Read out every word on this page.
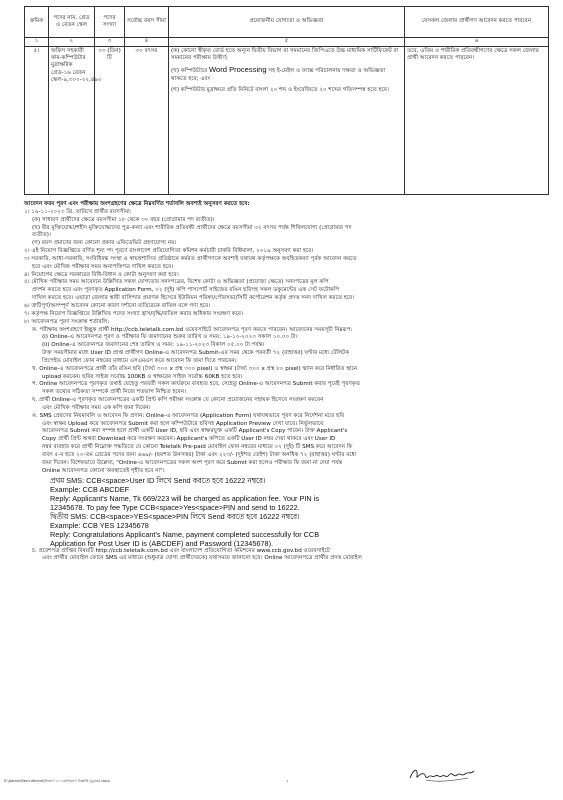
ক্রমিক	পদের নাম, গ্রেড ও বেতন স্কেল	পদের সংখ্যা	সর্বোচ্চ বয়স সীমা	প্রয়োজনীয় যোগ্যতা ও অভিজ্ঞতা	যেসকল জেলার প্রার্থীগণ আবেদন করতে পারবেন
১	২	৩	৪	৫	৬
৫।	অফিস সহকারী কাম-কম্পিউটার মুদ্রাক্ষরিক গ্রেড-১৬ বেতন স্কেল-৯,৩০০-২২,৪৯০	০৩ (তিন) টি	৩০ বৎসর	(ক) কোনো স্বীকৃত বোর্ড হতে অন্যূন দ্বিতীয় বিভাগ বা সমমানের জিপিএতে উচ্চ মাধ্যমিক সার্টিফিকেট বা সমমানের পরীক্ষায় উত্তীর্ণ;

(খ) কম্পিউটারে Word Processing সহ ই-মেইল ও ফ্যাক্স পরিচালনায় দক্ষতা ও অভিজ্ঞতা থাকতে হবে; এবং

(গ) কম্পিউটার মুদ্রাক্ষরে প্রতি মিনিটে বাংলা ২০ শব্দ ও ইংরেজিতে ২০ শব্দের গতিসম্পন্ন হতে হবে।	তবে, এতিম ও শারীরিক প্রতিবন্ধীগণের ক্ষেত্রে সকল জেলার প্রার্থী আবেদন করতে পারবেন।

আবেদন ফরম পূরণ এবং পরীক্ষায় অংশগ্রহণের ক্ষেত্রে নিম্নবর্ণিত শর্তাবলি অবশ্যই অনুসরণ করতে হবে:

১। ১৯-১১-২০২৩ খ্রি. তারিখে প্রার্থীর বয়সসীমা:

(ক) সাধারণ প্রার্থীদের ক্ষেত্রে বয়সসীমা ১৮ থেকে ৩০ বছর (প্রোগ্রামার পদ ব্যতীত)।

(খ) বীর মুক্তিযোদ্ধা/শহীদ মুক্তিযোদ্ধাদের পুত্র-কন্যা এবং শারীরিক প্রতিবন্ধী প্রার্থীদের ক্ষেত্রে বয়সসীমা ৩২ বৎসর পর্যন্ত শিথিলযোগ্য (প্রোগ্রামার পদ

ব্যতীত)।

(গ) বয়স প্রমাণের জন্য কোনো প্রকার এফিডেভিট গ্রহণযোগ্য নয়।

২। এই নিয়োগ বিজ্ঞপ্তিতে বর্ণিত শূন্য পদ পূরণে বাংলাদেশ প্রতিযোগিতা কমিশন কর্মচারী চাকরি বিধিমালা, ২০১৯ অনুসরণ করা হবে।

৩। সরকারি, আধা-সরকারি, সংবিধিবদ্ধ সংস্থা ও স্বায়ত্তশাসিত প্রতিষ্ঠানে কর্মরত প্রার্থীগণকে অবশ্যই যথাযথ কর্তৃপক্ষকে অবহিতকরণ পূর্বক আবেদন করতে

হবে এবং মৌখিক পরীক্ষার সময় অনাপত্তিপত্র দাখিল করতে হবে।

৪। নিয়োগের ক্ষেত্রে সরকারের বিধি-বিধান ও কোটা অনুসরণ করা হবে।

৫। মৌখিক পরীক্ষার সময় আবেদনে উল্লিখিত সকল যোগ্যতার সনদপত্রের, বিশেষ কোটা ও অভিজ্ঞতা (প্রযোজ্য ক্ষেত্রে) সনদপত্রের মূল কপি

প্রদর্শন করতে হবে এবং পূরণকৃত Application Form, ০২ (দুই) কপি পাসপোর্ট সাইজের রঙিন ছবিসহ সকল ডকুমেন্টের এক সেট ফটোকপি

দাখিল করতে হবে। এছাড়া জেলার স্থায়ী বাসিন্দার প্রমাণক হিসেবে ইউনিয়ন পরিষদ/পৌরসভা/সিটি কর্পোরেশন কর্তৃক প্রদত্ত সনদ দাখিল করতে হবে।

৬। ত্রুটিপূর্ণ/অসম্পূর্ণ আবেদন কোনো কারণ দর্শানো ব্যতিরেকে বাতিল বলে গণ্য হবে।

৭। কর্তৃপক্ষ নিয়োগ বিজ্ঞপ্তিতে উল্লিখিত পদের সংখ্যা হ্রাস/বৃদ্ধি/বাতিল করার অধিকার সংরক্ষণ করে।

৮। আবেদনপত্র পূরণ সংক্রান্ত শর্তাবলি:

ক. পরীক্ষায় অংশগ্রহণে ইচ্ছুক প্রার্থী http://ccb.teletalk.com.bd ওয়েবসাইটে আবেদনপত্র পূরণ করতে পারবেন। আবেদনের সময়সূচী নিম্নরূপ:

(i) Online-এ আবেদনপত্র পূরণ ও পরীক্ষার ফি জমাদানের শুরুর তারিখ ও সময়: ১৯-১০-২০২৩ সকাল ১০.০০ টা।

(ii) Online-এ আবেদনপত্র জমাদানের শেষ তারিখ ও সময়: ১৯-১১-২০২৩ বিকাল ০৫.০০ টা পর্যন্ত।

উক্ত সময়সীমার মধ্যে User ID প্রাপ্ত প্রার্থীগণ Online-এ আবেদনপত্র Submit-এর সময় থেকে পরবর্তী ৭২ (বাহাত্তর) ঘণ্টার মধ্যে টেলিটক

প্রিপেইড মোবাইল ফোন নম্বরের মাধ্যমে এসএমএস করে আবেদন ফি জমা দিতে পারবেন।

খ. Online-এ আবেদনপত্রে প্রার্থী তাঁর রঙিন ছবি (দৈর্ঘ্য ৩০০ x প্রস্থ ৩০০ pixel) ও স্বাক্ষর (দৈর্ঘ্য ৩০০ x প্রস্থ ৮০ pixel) স্ক্যান করে নির্ধারিত স্থানে

upload করবেন। ছবির সাইজ সর্বোচ্চ 100KB ও স্বাক্ষরের সাইজ সর্বোচ্চ 60KB হতে হবে।

গ. Online আবেদনপত্রে পূরণকৃত তথ্যই যেহেতু পরবর্তী সকল কার্যক্রমে ব্যবহৃত হবে, সেহেতু Online-এ আবেদনপত্র Submit করার পূর্বেই পূরণকৃত

সকল তথ্যের সঠিকতা সম্পর্কে প্রার্থী নিজে শতভাগ নিশ্চিত হবেন।

ঘ. প্রার্থী Online-এ পূরণকৃত আবেদনপত্রের একটি প্রিন্ট কপি পরীক্ষা সংক্রান্ত যে কোনো প্রয়োজনের সহায়ক হিসেবে সংরক্ষণ করবেন

এবং মৌখিক পরীক্ষার সময় এক কপি জমা দিবেন।

ঙ. SMS প্রেরণের নিয়মাবলি ও আবেদন ফি প্রদান: Online-এ আবেদনপত্র (Application Form) যথাযথভাবে পূরণ করে নির্দেশনা মতে ছবি

এবং স্বাক্ষর Upload করে আবেদনপত্র Submit করা হলে কম্পিউটারে ছবিসহ Application Preview দেখা যাবে। নির্ভুলভাবে

আবেদনপত্র Submit করা সম্পন্ন হলে প্রার্থী একটি User ID, ছবি এবং স্বাক্ষরযুক্ত একটি Applicant's Copy পাবেন। উক্ত Applicant's

Copy প্রার্থী প্রিন্ট অথবা Download করে সংরক্ষণ করবেন। Applicant's কপিতে একটি User ID নম্বর দেয়া থাকবে এবং User ID

নম্বর ব্যবহার করে প্রার্থী নিম্নোক্ত পদ্ধতিতে যে কোনো Teletalk Pre-paid মোবাইল ফোন নম্বরের মাধ্যমে ০২ (দুই) টি SMS করে আবেদন ফি

বাবদ ৫-ম হতে ২০-তম গ্রেডের পদের জন্য ৬৬৯/- (ছয়শত ঊনসত্তর) টাকা এবং ২২৩/- (দুইশত তেইশ) টাকা অনধিক ৭২ (বাহাত্তর) ঘণ্টার মধ্যে

জমা দিবেন। বিশেষভাবে উল্লেখ্য, "Online-এ আবেদনপত্রের সকল অংশ পূরণ করে Submit করা হলেও পরীক্ষার ফি জমা না দেয়া পর্যন্ত

Online আবেদনপত্র কোনো অবস্থাতেই গৃহীত হবে না"।

প্রথম SMS: CCB<space>User ID লিখে Send করতে হবে 16222 নম্বরে।

Example: CCB ABCDEF

Reply: Applicant's Name, Tk 669/223 will be charged as application fee. Your PIN is

12345678. To pay fee Type CCB<space>Yes<space>PIN and send to 16222.

দ্বিতীয় SMS: CCB<space>YES<space>PIN লিখে Send করতে হবে 16222 নম্বরে।

Example: CCB YES 12345678

Reply: Congratulations Applicant's Name, payment completed successfully for CCB

Application for Post User ID is (ABCDEF) and Password (12345678).

চ. প্রবেশপত্র প্রাপ্তির বিষয়টি http://ccb.teletalk.com.bd এবং বাংলাদেশ প্রতিযোগিতা কমিশনের www.ccb.gov.bd ওয়েবসাইটে

এবং প্রার্থীর মোবাইল ফোনে SMS এর মাধ্যমে (শুধুমাত্র যোগ্য প্রার্থীদেরকে) যথাসময়ে জানানো হবে। Online আবেদনপত্রে প্রার্থীর প্রদত্ত মোবাইল

E:\Admin\Recruitment\নিয়োগ ২০২৩\নিয়োগ বিজ্ঞপ্তি (চূড়ান্ত).docx	২
